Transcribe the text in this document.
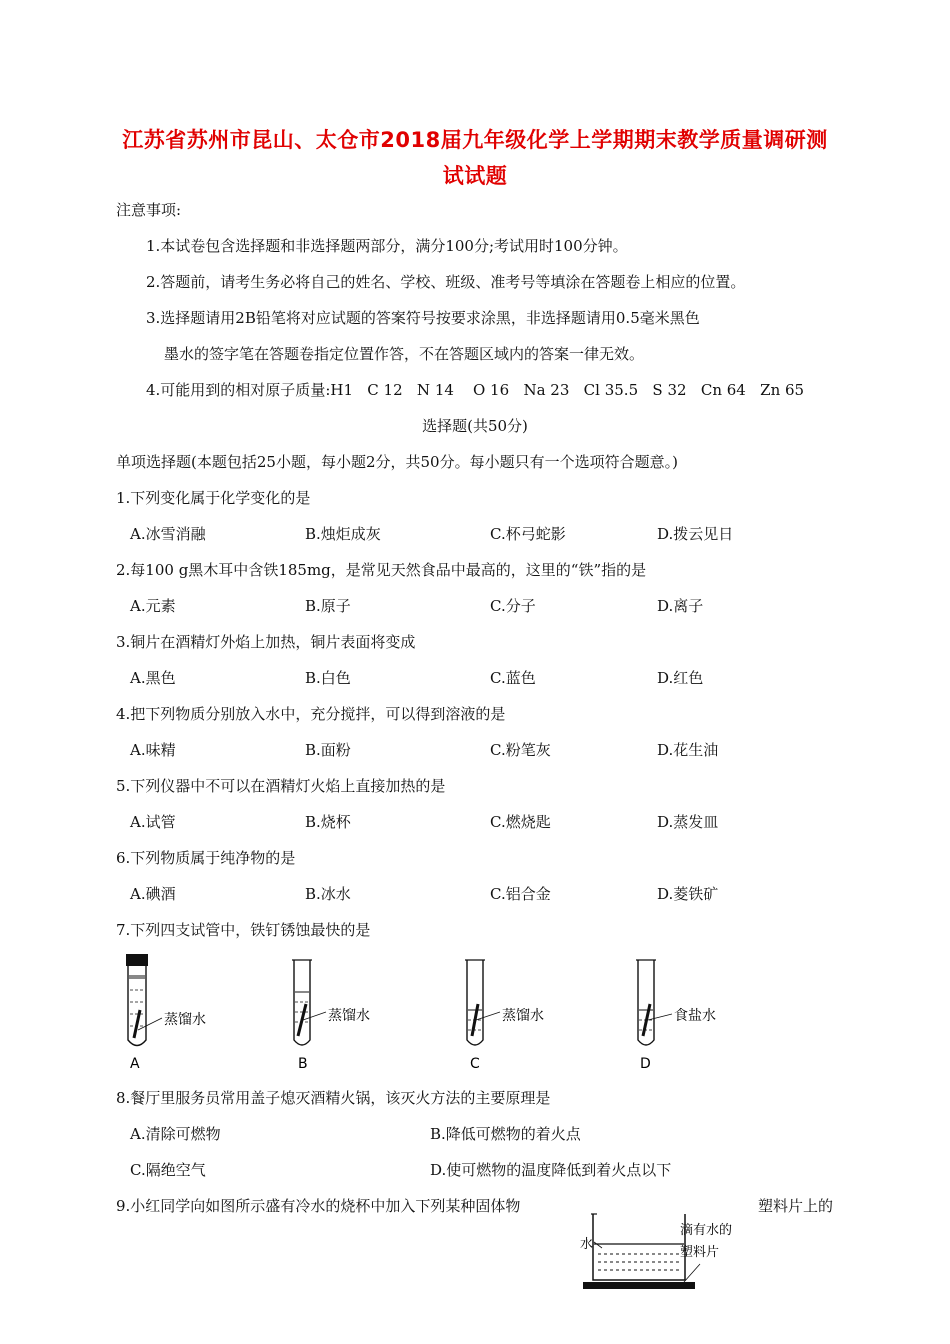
江苏省苏州市昆山、太仓市2018届九年级化学上学期期末教学质量调研测
试试题
注意事项:
1.本试卷包含选择题和非选择题两部分，满分100分;考试用时100分钟。
2.答题前，请考生务必将自己的姓名、学校、班级、准考号等填涂在答题卷上相应的位置。
3.选择题请用2B铅笔将对应试题的答案符号按要求涂黑，非选择题请用0.5毫米黑色
墨水的签字笔在答题卷指定位置作答，不在答题区域内的答案一律无效。
4.可能用到的相对原子质量:H1   C 12   N 14    O 16   Na 23   Cl 35.5   S 32   Cn 64   Zn 65
选择题(共50分)
单项选择题(本题包括25小题，每小题2分，共50分。每小题只有一个选项符合题意。)
1.下列变化属于化学变化的是
A.冰雪消融	B.烛炬成灰	C.杯弓蛇影	D.拨云见日
2.每100 g黑木耳中含铁185mg，是常见天然食品中最高的，这里的“铁”指的是
A.元素	B.原子	C.分子	D.离子
3.铜片在酒精灯外焰上加热，铜片表面将变成
A.黑色	B.白色	C.蓝色	D.红色
4.把下列物质分别放入水中，充分搅拌，可以得到溶液的是
A.味精	B.面粉	C.粉笔灰	D.花生油
5.下列仪器中不可以在酒精灯火焰上直接加热的是
A.试管	B.烧杯	C.燃烧匙	D.蒸发皿
6.下列物质属于纯净物的是
A.碘酒	B.冰水	C.铝合金	D.菱铁矿
7.下列四支试管中，铁钉锈蚀最快的是
蒸馏水
A
蒸馏水
B
蒸馏水
C
食盐水
D
8.餐厅里服务员常用盖子熄灭酒精火锅，该灭火方法的主要原理是
A.清除可燃物	B.降低可燃物的着火点
C.隔绝空气	D.使可燃物的温度降低到着火点以下
9.小红同学向如图所示盛有冷水的烧杯中加入下列某种固体物	塑料片上的
水
滴有水的
塑料片
